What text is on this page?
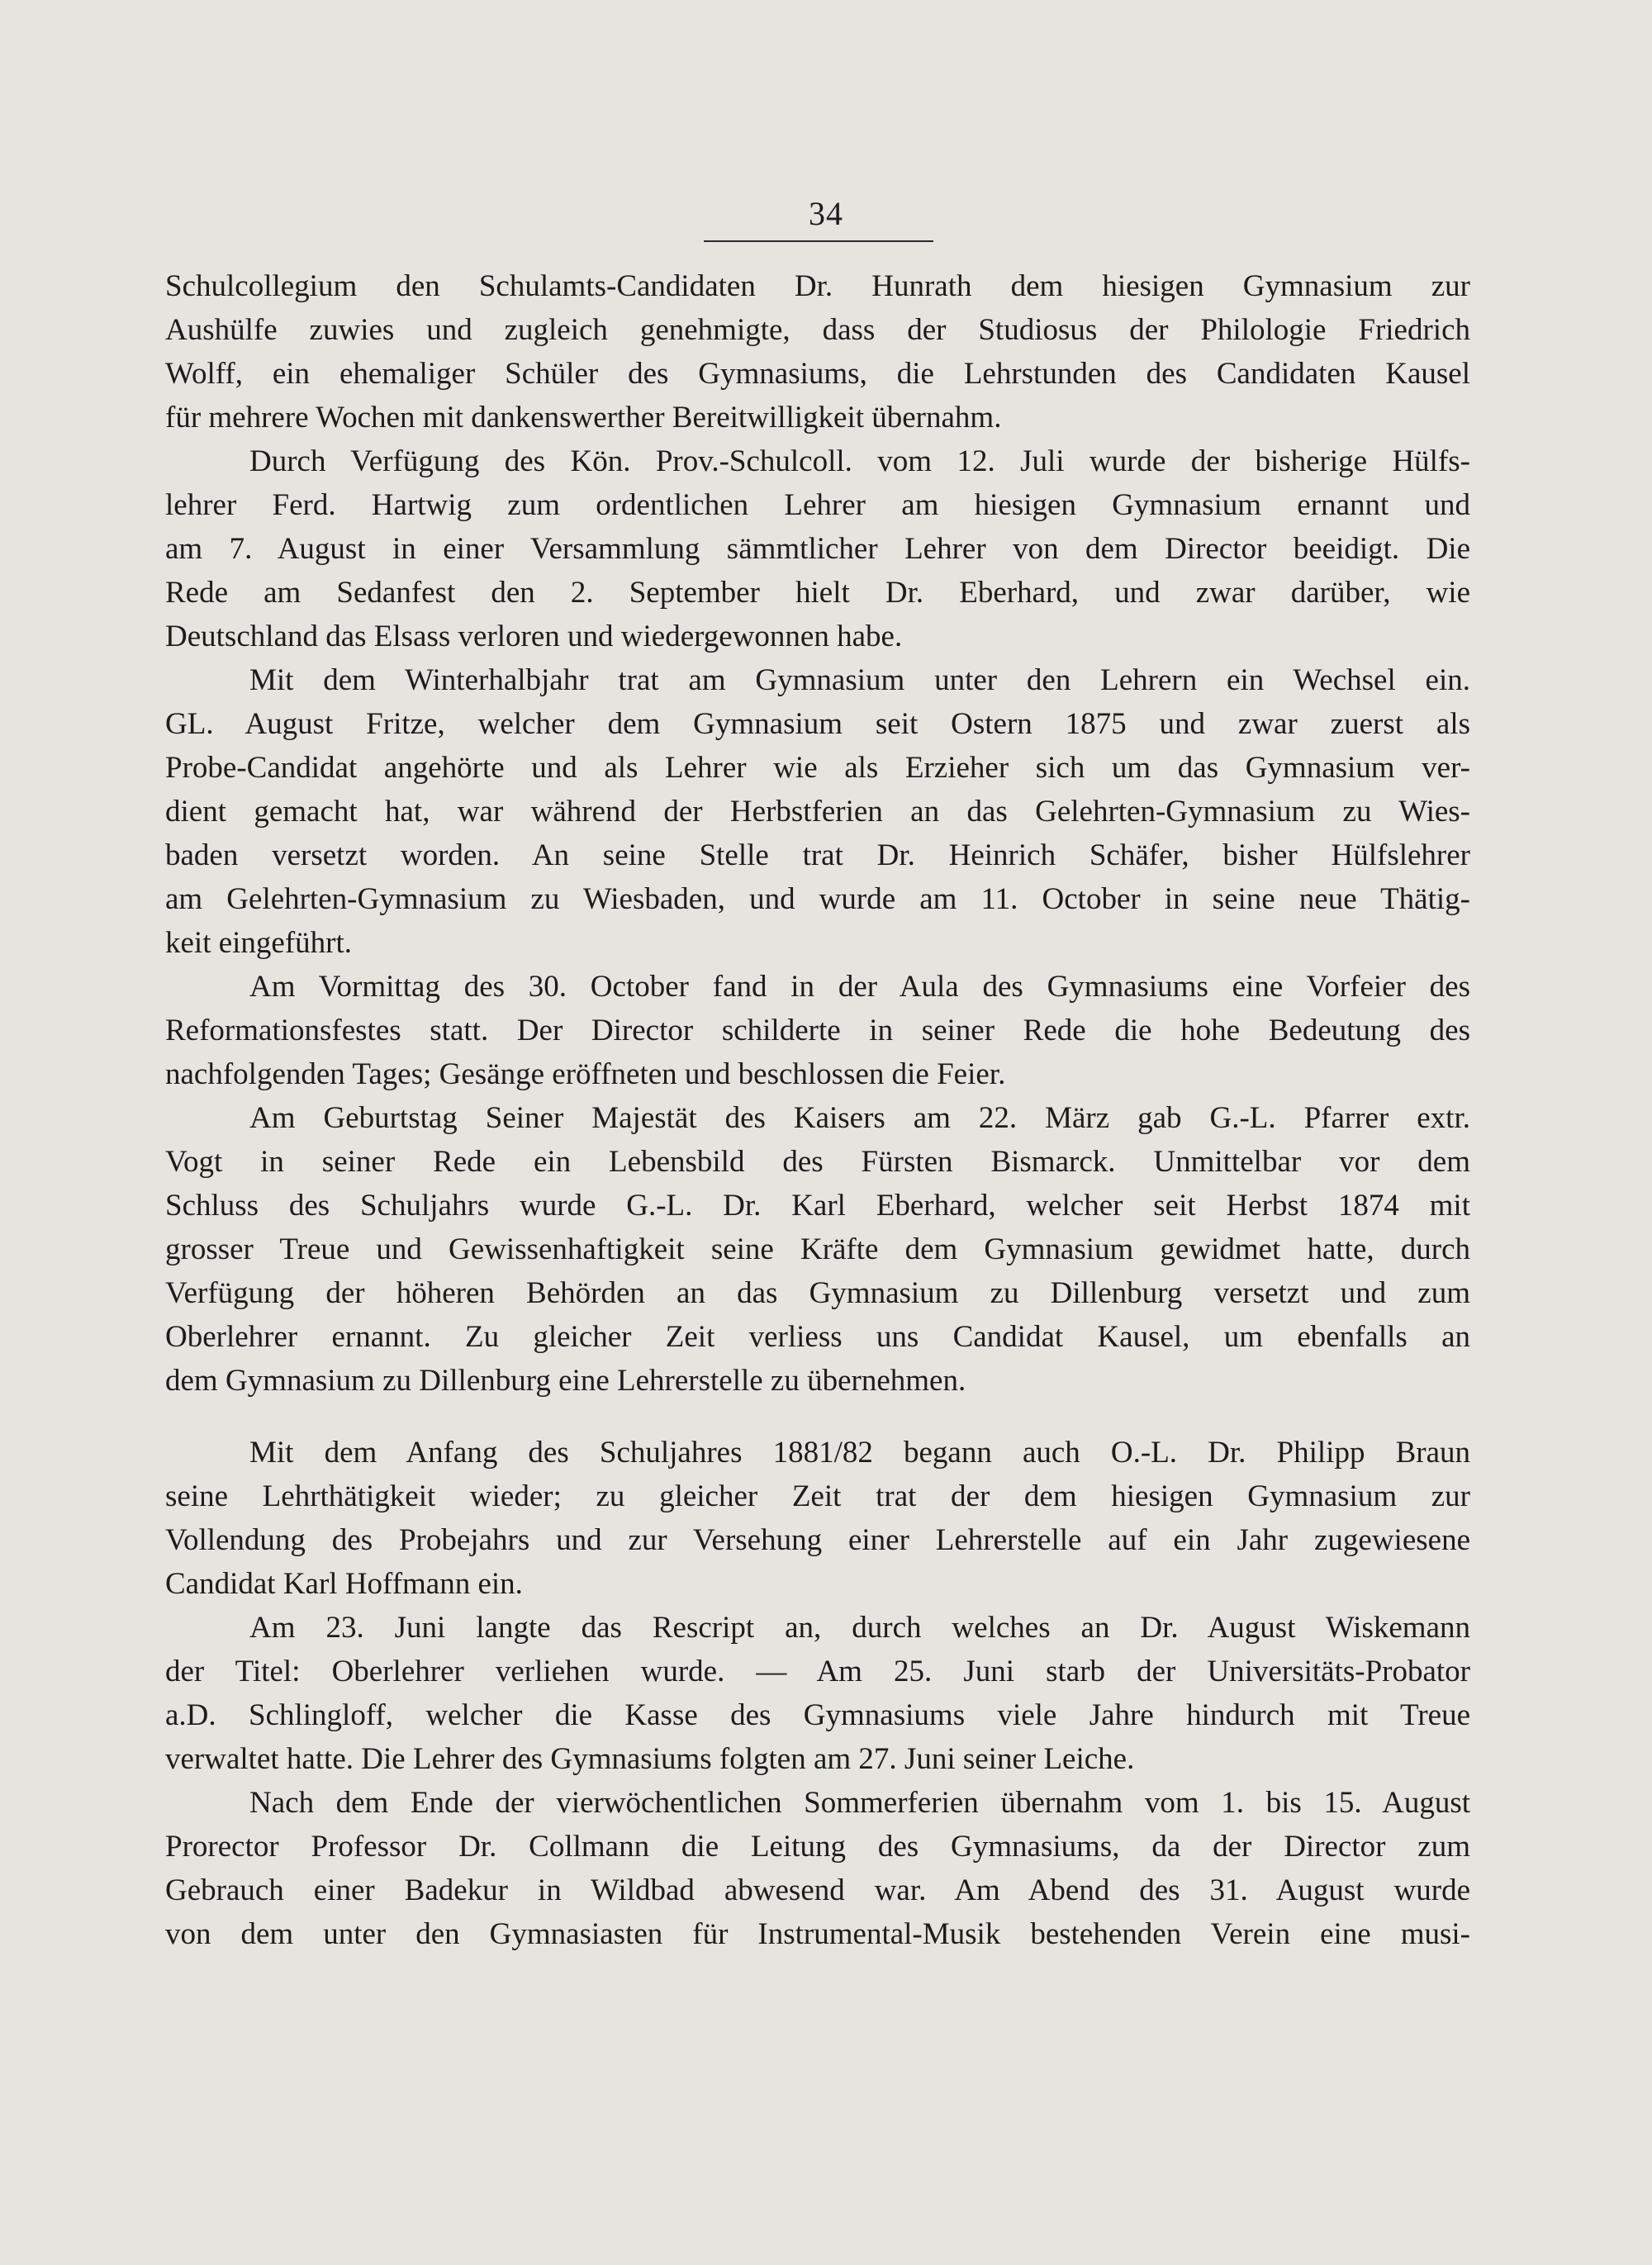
34
Schulcollegium den Schulamts-Candidaten Dr. Hunrath dem hiesigen Gymnasium zur
Aushülfe zuwies und zugleich genehmigte, dass der Studiosus der Philologie Friedrich
Wolff, ein ehemaliger Schüler des Gymnasiums, die Lehrstunden des Candidaten Kausel
für mehrere Wochen mit dankenswerther Bereitwilligkeit übernahm.
Durch Verfügung des Kön. Prov.-Schulcoll. vom 12. Juli wurde der bisherige Hülfs-
lehrer Ferd. Hartwig zum ordentlichen Lehrer am hiesigen Gymnasium ernannt und
am 7. August in einer Versammlung sämmtlicher Lehrer von dem Director beeidigt. Die
Rede am Sedanfest den 2. September hielt Dr. Eberhard, und zwar darüber, wie
Deutschland das Elsass verloren und wiedergewonnen habe.
Mit dem Winterhalbjahr trat am Gymnasium unter den Lehrern ein Wechsel ein.
GL. August Fritze, welcher dem Gymnasium seit Ostern 1875 und zwar zuerst als
Probe-Candidat angehörte und als Lehrer wie als Erzieher sich um das Gymnasium ver-
dient gemacht hat, war während der Herbstferien an das Gelehrten-Gymnasium zu Wies-
baden versetzt worden. An seine Stelle trat Dr. Heinrich Schäfer, bisher Hülfslehrer
am Gelehrten-Gymnasium zu Wiesbaden, und wurde am 11. October in seine neue Thätig-
keit eingeführt.
Am Vormittag des 30. October fand in der Aula des Gymnasiums eine Vorfeier des
Reformationsfestes statt. Der Director schilderte in seiner Rede die hohe Bedeutung des
nachfolgenden Tages; Gesänge eröffneten und beschlossen die Feier.
Am Geburtstag Seiner Majestät des Kaisers am 22. März gab G.-L. Pfarrer extr.
Vogt in seiner Rede ein Lebensbild des Fürsten Bismarck. Unmittelbar vor dem
Schluss des Schuljahrs wurde G.-L. Dr. Karl Eberhard, welcher seit Herbst 1874 mit
grosser Treue und Gewissenhaftigkeit seine Kräfte dem Gymnasium gewidmet hatte, durch
Verfügung der höheren Behörden an das Gymnasium zu Dillenburg versetzt und zum
Oberlehrer ernannt. Zu gleicher Zeit verliess uns Candidat Kausel, um ebenfalls an
dem Gymnasium zu Dillenburg eine Lehrerstelle zu übernehmen.
Mit dem Anfang des Schuljahres 1881/82 begann auch O.-L. Dr. Philipp Braun
seine Lehrthätigkeit wieder; zu gleicher Zeit trat der dem hiesigen Gymnasium zur
Vollendung des Probejahrs und zur Versehung einer Lehrerstelle auf ein Jahr zugewiesene
Candidat Karl Hoffmann ein.
Am 23. Juni langte das Rescript an, durch welches an Dr. August Wiskemann
der Titel: Oberlehrer verliehen wurde. — Am 25. Juni starb der Universitäts-Probator
a.D. Schlingloff, welcher die Kasse des Gymnasiums viele Jahre hindurch mit Treue
verwaltet hatte. Die Lehrer des Gymnasiums folgten am 27. Juni seiner Leiche.
Nach dem Ende der vierwöchentlichen Sommerferien übernahm vom 1. bis 15. August
Prorector Professor Dr. Collmann die Leitung des Gymnasiums, da der Director zum
Gebrauch einer Badekur in Wildbad abwesend war. Am Abend des 31. August wurde
von dem unter den Gymnasiasten für Instrumental-Musik bestehenden Verein eine musi-
